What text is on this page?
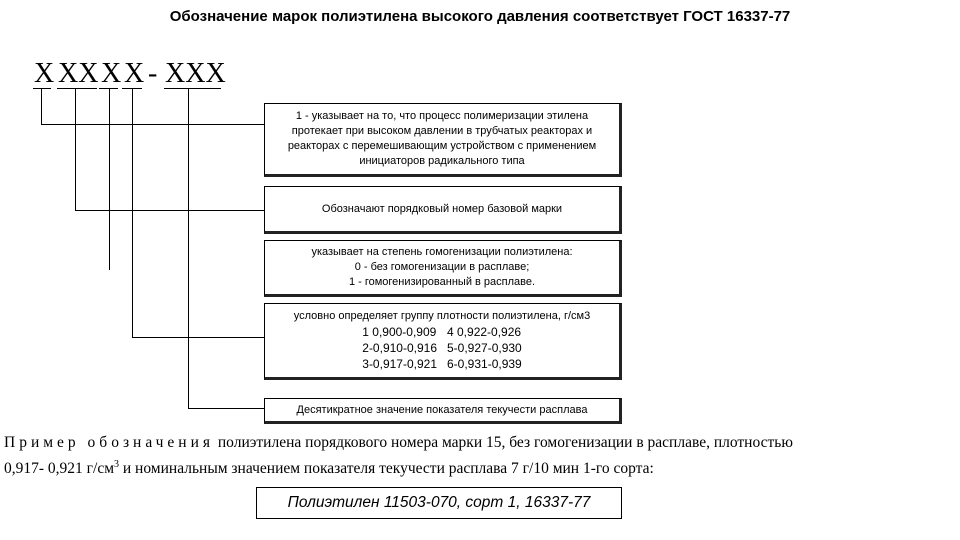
Обозначение марок полиэтилена высокого давления соответствует ГОСТ 16337-77
X XX X X - XXX
1 - указывает на то, что процесс полимеризации этилена
протекает при высоком давлении в трубчатых реакторах и
реакторах с перемешивающим устройством с применением
инициаторов радикального типа
Обозначают порядковый номер базовой марки
указывает на степень гомогенизации полиэтилена:
0 - без гомогенизации в расплаве;
1 - гомогенизированный в расплаве.
условно определяет группу плотности полиэтилена, г/см3
1 0,900-0,909 4 0,922-0,926
2-0,910-0,916 5-0,927-0,930
3-0,917-0,921 6-0,931-0,939
Десятикратное значение показателя текучести расплава
Пример обозначения полиэтилена порядкового номера марки 15, без гомогенизации в расплаве, плотностью
0,917- 0,921 $г/см^3$ и номинальным значением показателя текучести расплава 7 г/10 мин 1-го сорта:
Полиэтилен 11503-070, сорт 1, 16337-77
